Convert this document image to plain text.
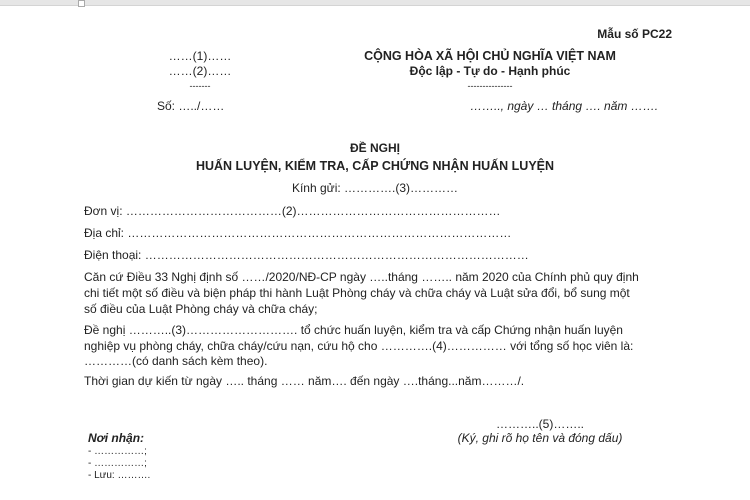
Mẫu số PC22
……(1)……
……(2)……
-------
Số: …../……
CỘNG HÒA XÃ HỘI CHỦ NGHĨA VIỆT NAM
Độc lập - Tự do - Hạnh phúc
---------------
…….., ngày … tháng …. năm …….
ĐỀ NGHỊ
HUẤN LUYỆN, KIỂM TRA, CẤP CHỨNG NHẬN HUẤN LUYỆN
Kính gửi: ………….(3)…………
Đơn vị: …………………………………(2)……………………………………………
Địa chỉ: ……………………………………………………………………………………
Điện thoại: ……………………………………………………………………………………
Căn cứ Điều 33 Nghị định số ……/2020/NĐ-CP ngày …..tháng …….. năm 2020 của Chính phủ quy định
chi tiết một số điều và biện pháp thi hành Luật Phòng cháy và chữa cháy và Luật sửa đổi, bổ sung một
số điều của Luật Phòng cháy và chữa cháy;
Đề nghị ………..(3)………………………. tổ chức huấn luyện, kiểm tra và cấp Chứng nhận huấn luyện
nghiệp vụ phòng cháy, chữa cháy/cứu nạn, cứu hộ cho ………….(4)…………… với tổng số học viên là:
…………(có danh sách kèm theo).
Thời gian dự kiến từ ngày ….. tháng …… năm…. đến ngày ….tháng...năm………/.
………..(5)……..
(Ký, ghi rõ họ tên và đóng dấu)
Nơi nhận:
- ……………;
- ……………;
- Lưu: ……….
